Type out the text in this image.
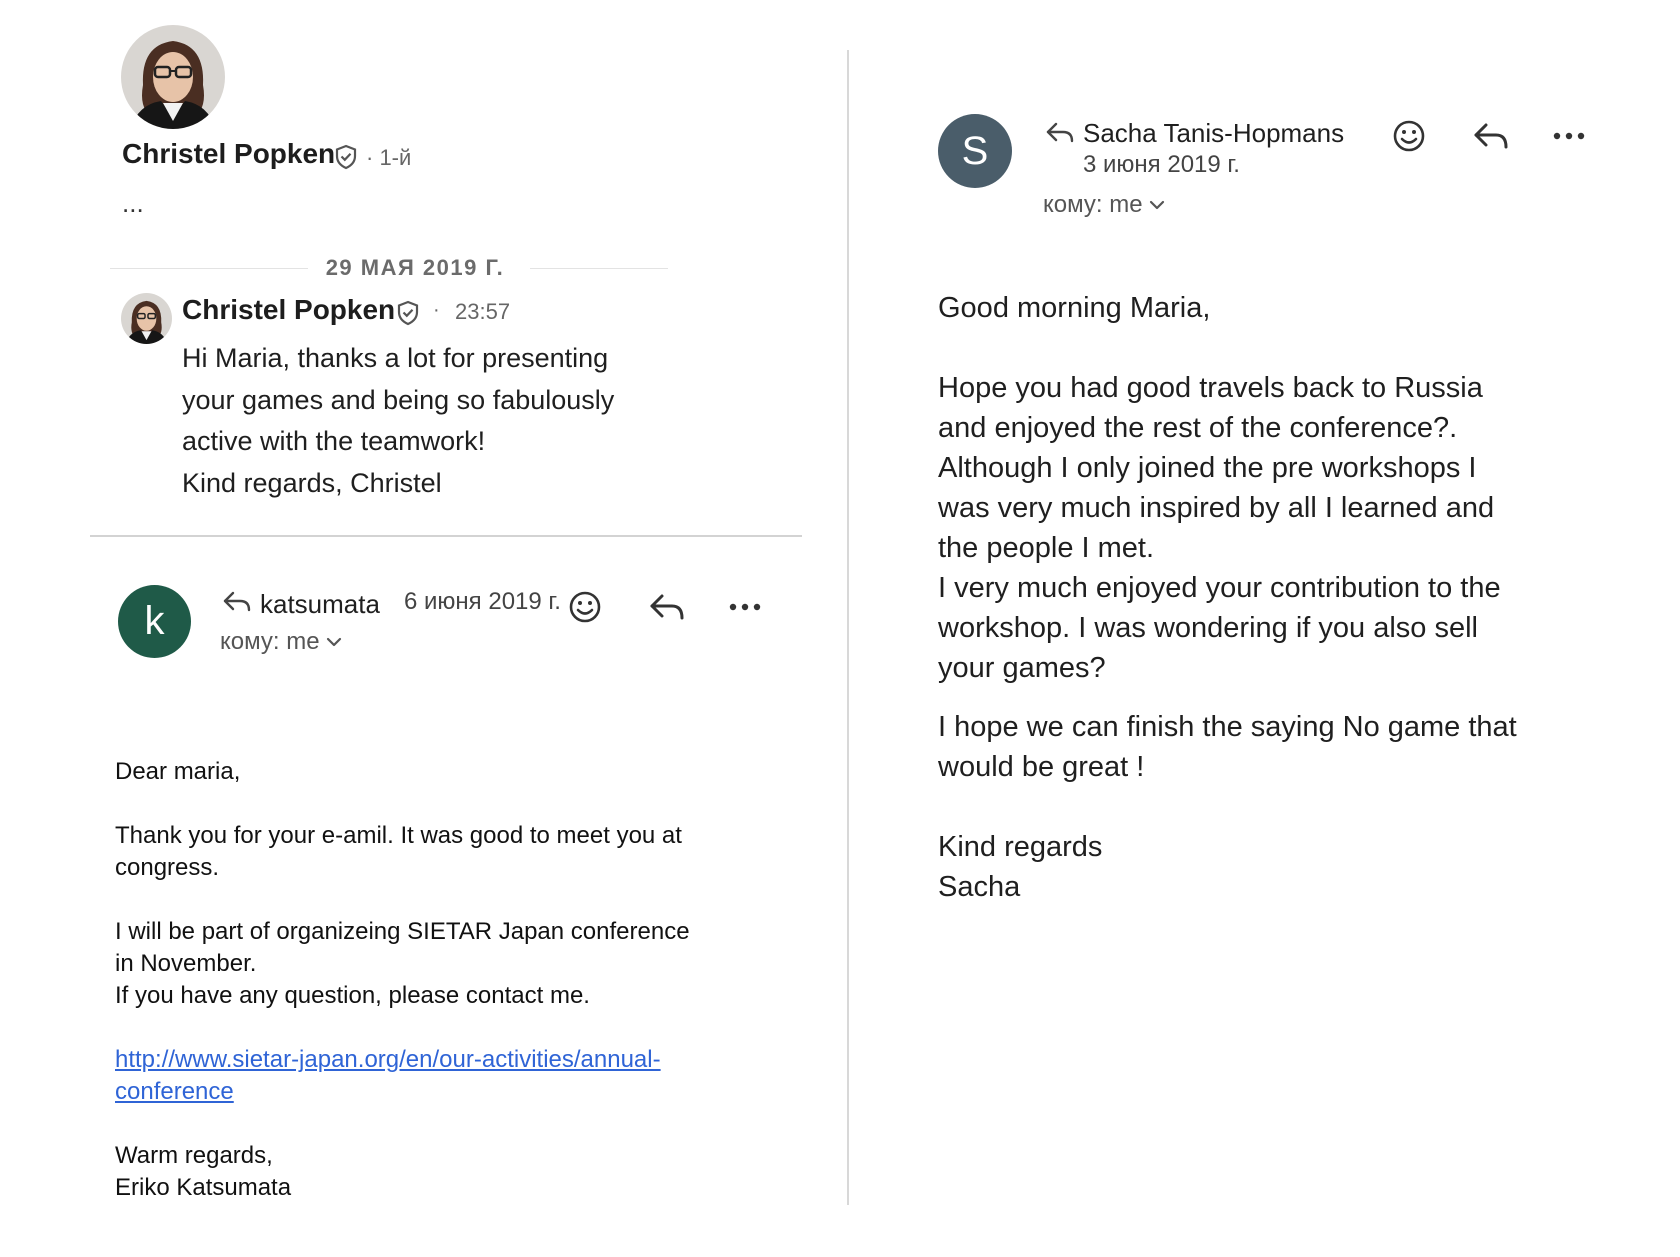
Christel Popken · 1-й
...
29 МАЯ 2019 Г.
Christel Popken · 23:57
Hi Maria, thanks a lot for presenting
your games and being so fabulously
active with the teamwork!
Kind regards, Christel
k	katsumata 6 июня 2019 г.
кому: me

Dear maria,

Thank you for your e-amil. It was good to meet you at

congress.

I will be part of organizeing SIETAR Japan conference

in November.

If you have any question, please contact me.

http://www.sietar-japan.org/en/our-activities/annual-

conference

Warm regards,

Eriko Katsumata

S	Sacha Tanis-Hopmans
3 июня 2019 г.
кому: me
Good morning Maria,
Hope you had good travels back to Russia
and enjoyed the rest of the conference?.
Although I only joined the pre workshops I
was very much inspired by all I learned and
the people I met.
I very much enjoyed your contribution to the
workshop. I was wondering if you also sell
your games?
I hope we can finish the saying No game that
would be great !
Kind regards
Sacha
